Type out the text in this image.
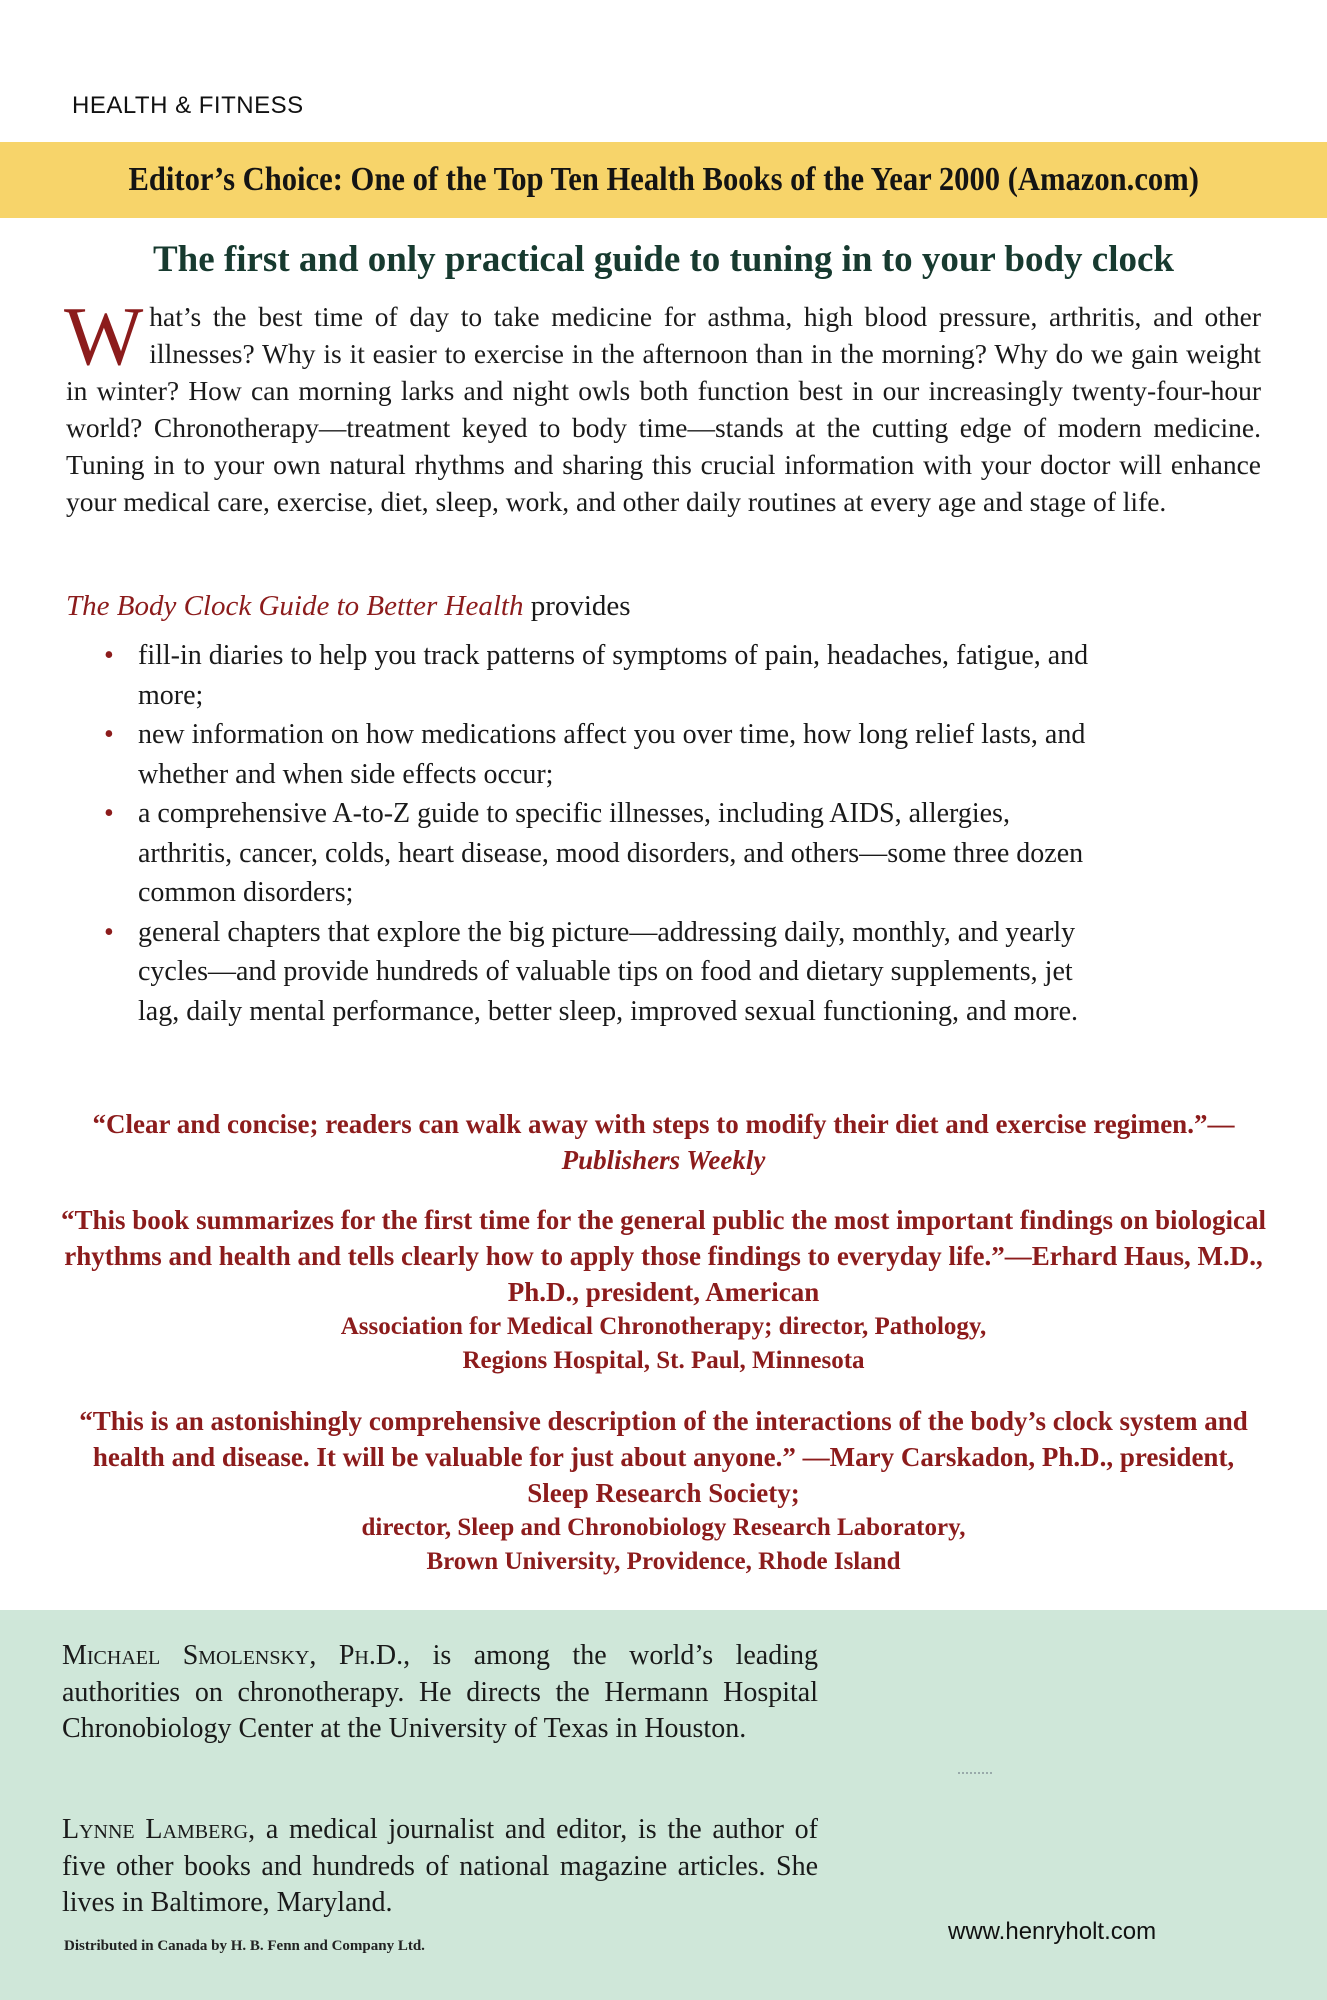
HEALTH & FITNESS
Editor’s Choice: One of the Top Ten Health Books of the Year 2000 (Amazon.com)
The first and only practical guide to tuning in to your body clock
What’s the best time of day to take medicine for asthma, high blood pressure, arthritis, and other illnesses? Why is it easier to exercise in the afternoon than in the morning? Why do we gain weight in winter? How can morning larks and night owls both function best in our increasingly twenty-four-hour world? Chronotherapy—treatment keyed to body time—stands at the cutting edge of modern medicine. Tuning in to your own natural rhythms and sharing this crucial information with your doctor will enhance your medical care, exercise, diet, sleep, work, and other daily routines at every age and stage of life.
The Body Clock Guide to Better Health provides
• fill-in diaries to help you track patterns of symptoms of pain, headaches, fatigue, and more;
• new information on how medications affect you over time, how long relief lasts, and whether and when side effects occur;
• a comprehensive A-to-Z guide to specific illnesses, including AIDS, allergies, arthritis, cancer, colds, heart disease, mood disorders, and others—some three dozen common disorders;
• general chapters that explore the big picture—addressing daily, monthly, and yearly cycles—and provide hundreds of valuable tips on food and dietary supplements, jet lag, daily mental performance, better sleep, improved sexual functioning, and more.
“Clear and concise; readers can walk away with steps to modify their diet and exercise regimen.”—Publishers Weekly
“This book summarizes for the first time for the general public the most important findings on biological rhythms and health and tells clearly how to apply those findings to everyday life.”—Erhard Haus, M.D., Ph.D., president, American
Association for Medical Chronotherapy; director, Pathology,
Regions Hospital, St. Paul, Minnesota
“This is an astonishingly comprehensive description of the interactions of the body’s clock system and health and disease. It will be valuable for just about anyone.” —Mary Carskadon, Ph.D., president, Sleep Research Society;
director, Sleep and Chronobiology Research Laboratory,
Brown University, Providence, Rhode Island
Michael Smolensky, Ph.D., is among the world’s leading authorities on chronotherapy. He directs the Hermann Hospital Chronobiology Center at the University of Texas in Houston.
Lynne Lamberg, a medical journalist and editor, is the author of five other books and hundreds of national magazine articles. She lives in Baltimore, Maryland.
Distributed in Canada by H. B. Fenn and Company Ltd.
www.henryholt.com
